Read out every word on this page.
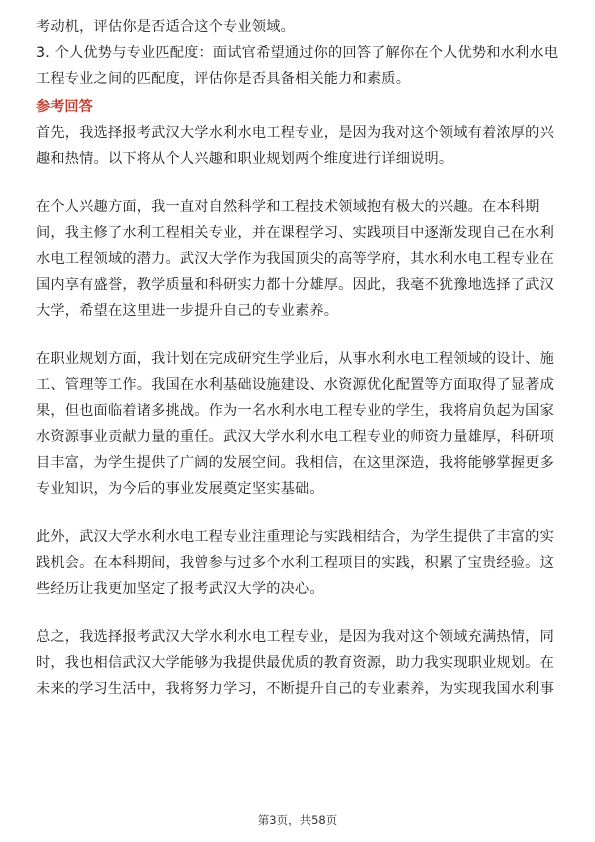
考动机，评估你是否适合这个专业领域。
3. 个人优势与专业匹配度：面试官希望通过你的回答了解你在个人优势和水利水电
工程专业之间的匹配度，评估你是否具备相关能力和素质。
参考回答
首先，我选择报考武汉大学水利水电工程专业，是因为我对这个领域有着浓厚的兴
趣和热情。以下将从个人兴趣和职业规划两个维度进行详细说明。
在个人兴趣方面，我一直对自然科学和工程技术领域抱有极大的兴趣。在本科期
间，我主修了水利工程相关专业，并在课程学习、实践项目中逐渐发现自己在水利
水电工程领域的潜力。武汉大学作为我国顶尖的高等学府，其水利水电工程专业在
国内享有盛誉，教学质量和科研实力都十分雄厚。因此，我毫不犹豫地选择了武汉
大学，希望在这里进一步提升自己的专业素养。
在职业规划方面，我计划在完成研究生学业后，从事水利水电工程领域的设计、施
工、管理等工作。我国在水利基础设施建设、水资源优化配置等方面取得了显著成
果，但也面临着诸多挑战。作为一名水利水电工程专业的学生，我将肩负起为国家
水资源事业贡献力量的重任。武汉大学水利水电工程专业的师资力量雄厚，科研项
目丰富，为学生提供了广阔的发展空间。我相信，在这里深造，我将能够掌握更多
专业知识，为今后的事业发展奠定坚实基础。
此外，武汉大学水利水电工程专业注重理论与实践相结合，为学生提供了丰富的实
践机会。在本科期间，我曾参与过多个水利工程项目的实践，积累了宝贵经验。这
些经历让我更加坚定了报考武汉大学的决心。
总之，我选择报考武汉大学水利水电工程专业，是因为我对这个领域充满热情，同
时，我也相信武汉大学能够为我提供最优质的教育资源，助力我实现职业规划。在
未来的学习生活中，我将努力学习，不断提升自己的专业素养，为实现我国水利事
第3页，共58页
